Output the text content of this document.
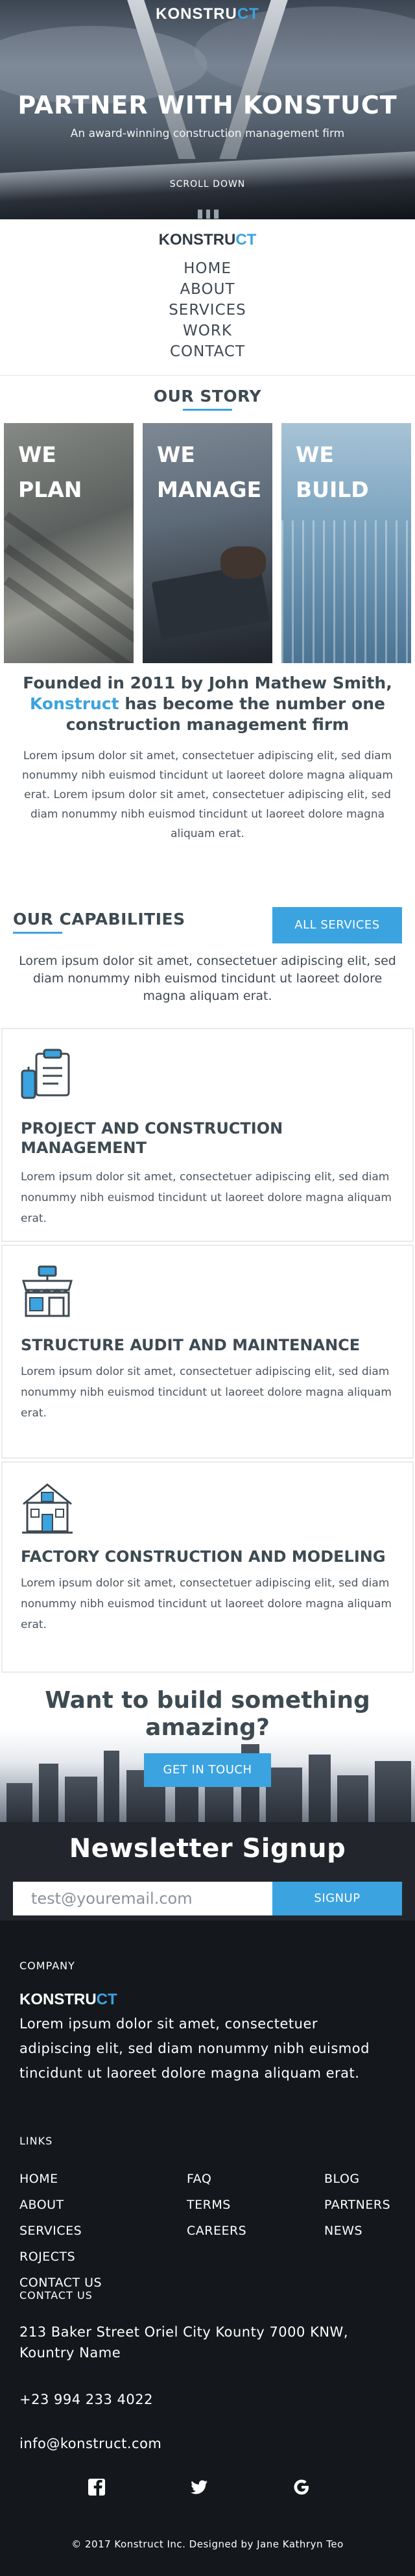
KONSTRUCT
PARTNER WITH KONSTUCT

An award-winning construction management firm

SCROLL DOWN
KONSTRUCT
HOME
ABOUT
SERVICES
WORK
CONTACT
OUR STORY
WE
PLAN
WE
MANAGE
WE
BUILD
Founded in 2011 by John Mathew Smith,
Konstruct has become the number one construction management firm

Lorem ipsum dolor sit amet, consectetuer adipiscing elit, sed diam nonummy nibh euismod tincidunt ut laoreet dolore magna aliquam erat. Lorem ipsum dolor sit amet, consectetuer adipiscing elit, sed diam nonummy nibh euismod tincidunt ut laoreet dolore magna aliquam erat.

OUR CAPABILITIES	ALL SERVICES

Lorem ipsum dolor sit amet, consectetuer adipiscing elit, sed diam nonummy nibh euismod tincidunt ut laoreet dolore magna aliquam erat.

PROJECT AND CONSTRUCTION MANAGEMENT
Lorem ipsum dolor sit amet, consectetuer adipiscing elit, sed diam nonummy nibh euismod tincidunt ut laoreet dolore magna aliquam erat.
STRUCTURE AUDIT AND MAINTENANCE
Lorem ipsum dolor sit amet, consectetuer adipiscing elit, sed diam nonummy nibh euismod tincidunt ut laoreet dolore magna aliquam erat.
FACTORY CONSTRUCTION AND MODELING
Lorem ipsum dolor sit amet, consectetuer adipiscing elit, sed diam nonummy nibh euismod tincidunt ut laoreet dolore magna aliquam erat.
Want to build something amazing?
GET IN TOUCH
Newsletter Signup
test@youremail.com
SIGNUP
COMPANY
KONSTRUCT

Lorem ipsum dolor sit amet, consectetuer adipiscing elit, sed diam nonummy nibh euismod tincidunt ut laoreet dolore magna aliquam erat.

LINKS
HOME
ABOUT
SERVICES
ROJECTS
CONTACT US
FAQ
TERMS
CAREERS
BLOG
PARTNERS
NEWS
CONTACT US

213 Baker Street Oriel City Kounty 7000 KNW, Kountry Name

+23 994 233 4022

info@konstruct.com

© 2017 Konstruct Inc. Designed by Jane Kathryn Teo
